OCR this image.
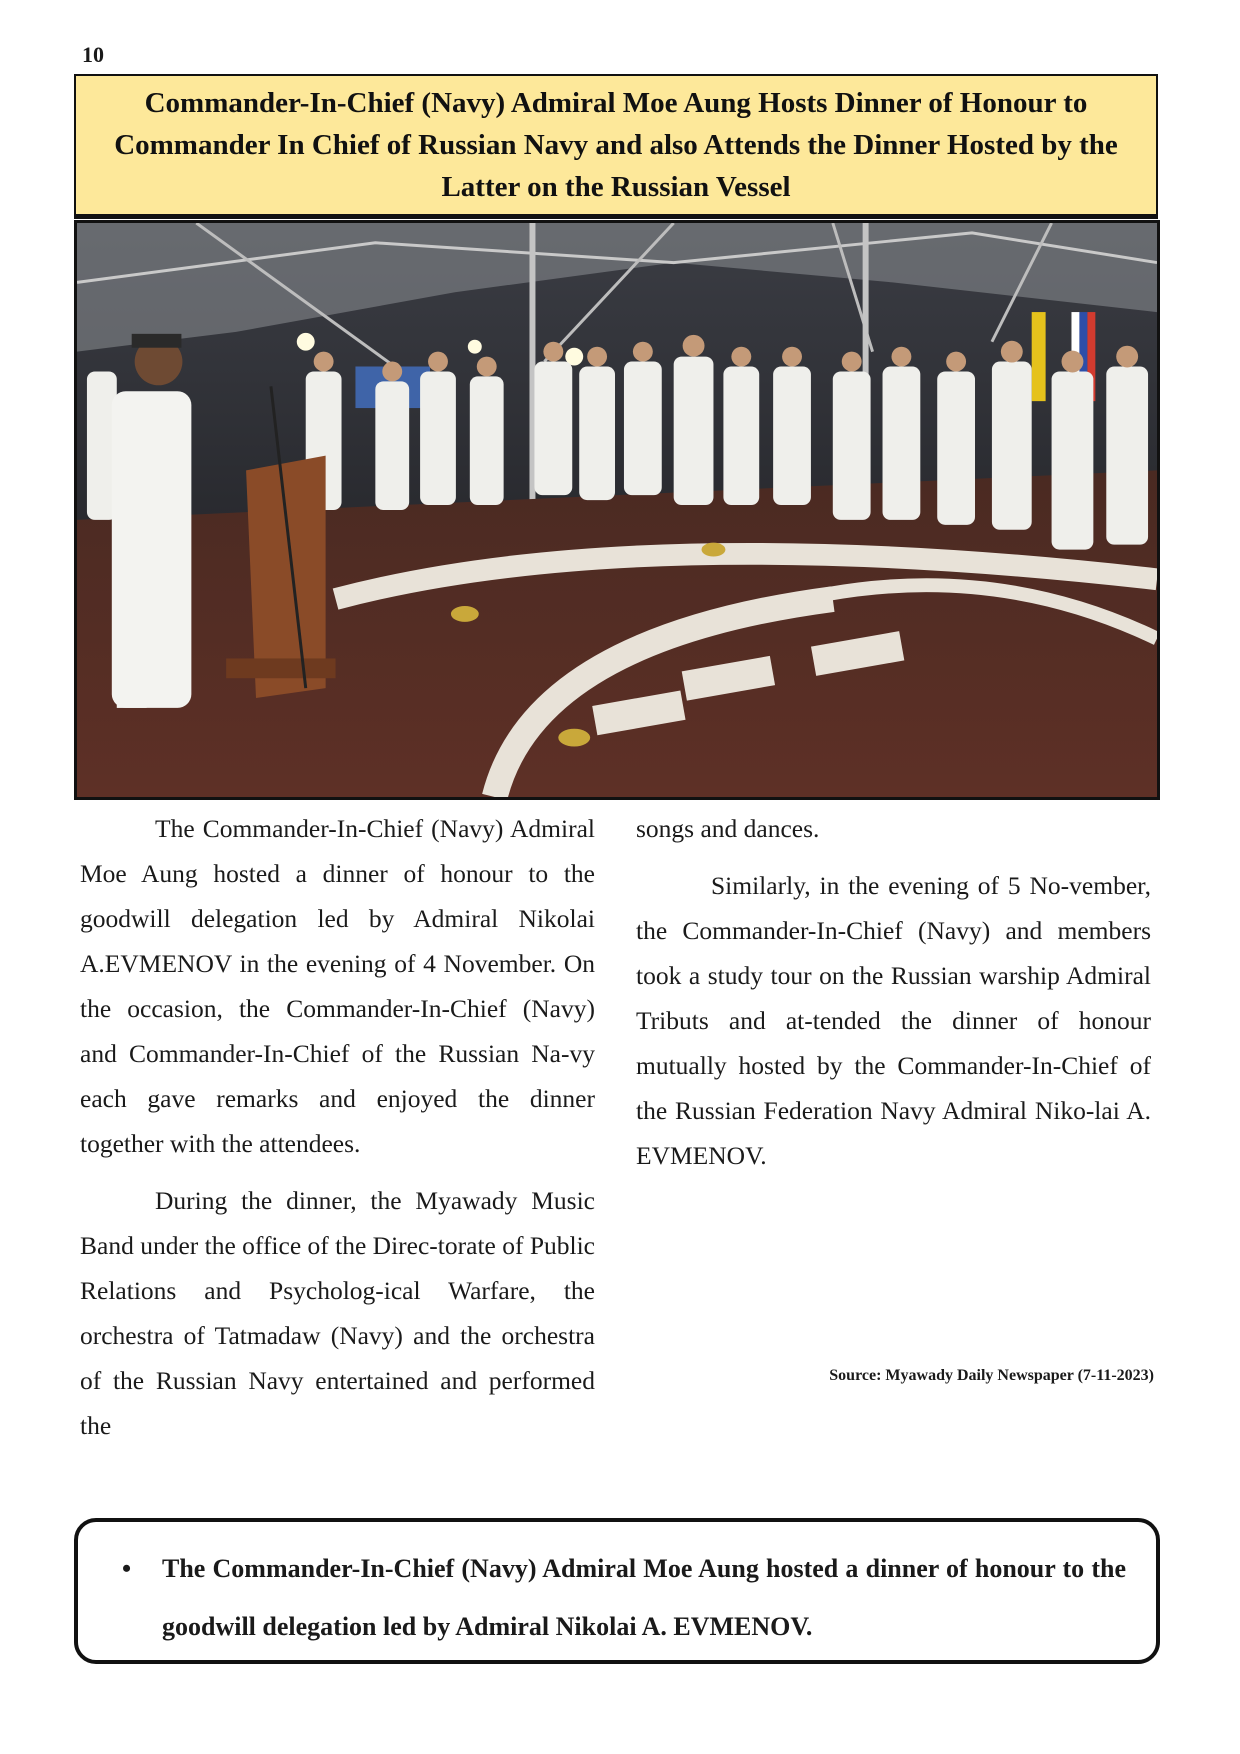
10
Commander-In-Chief (Navy) Admiral Moe Aung Hosts Dinner of Honour to Commander In Chief of Russian Navy and also Attends the Dinner Hosted by the Latter on the Russian Vessel

The Commander-In-Chief (Navy) Admiral Moe Aung hosted a dinner of honour to the goodwill delegation led by Admiral Nikolai A.EVMENOV in the evening of 4 November. On the occasion, the Commander-In-Chief (Navy) and Commander-In-Chief of the Russian Na-vy each gave remarks and enjoyed the dinner together with the attendees.

During the dinner, the Myawady Music Band under the office of the Direc-torate of Public Relations and Psycholog-ical Warfare, the orchestra of Tatmadaw (Navy) and the orchestra of the Russian Navy entertained and performed the

songs and dances.

Similarly, in the evening of 5 No-vember, the Commander-In-Chief (Navy) and members took a study tour on the Russian warship Admiral Tributs and at-tended the dinner of honour mutually hosted by the Commander-In-Chief of the Russian Federation Navy Admiral Niko-lai A. EVMENOV.

Source: Myawady Daily Newspaper (7-11-2023)
• The Commander-In-Chief (Navy) Admiral Moe Aung hosted a dinner of honour to the goodwill delegation led by Admiral Nikolai A. EVMENOV.
